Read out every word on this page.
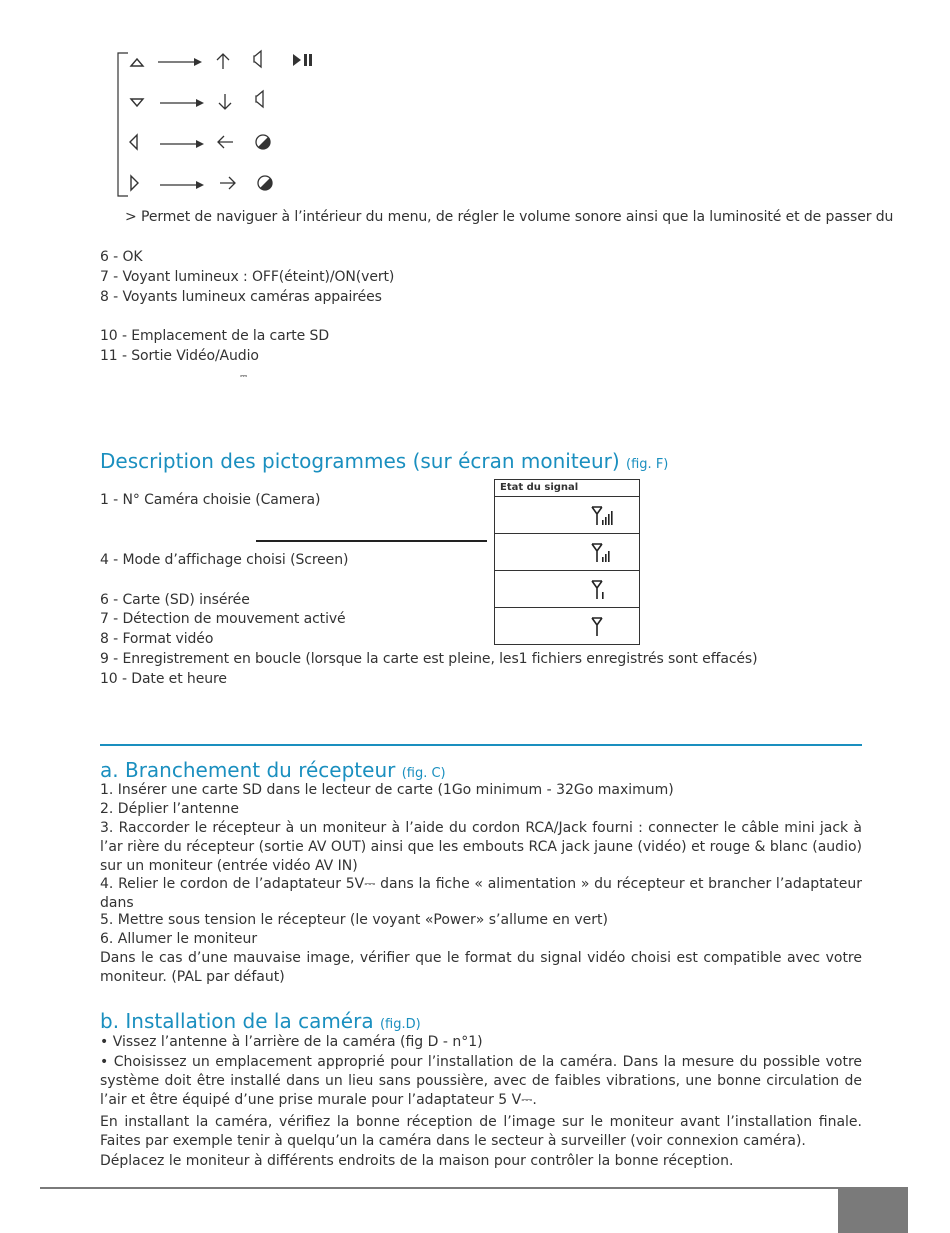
> Permet de naviguer à l’intérieur du menu, de régler le volume sonore ainsi que la luminosité et de passer du
6 - OK
7 - Voyant lumineux : OFF(éteint)/ON(vert)
8 - Voyants lumineux caméras appairées
10 - Emplacement de la carte SD
11 - Sortie Vidéo/Audio
⎓
Description des pictogrammes (sur écran moniteur) (fig. F)
1 - N° Caméra choisie (Camera)
4 - Mode d’affichage choisi (Screen)
6 - Carte (SD) insérée
7 - Détection de mouvement activé
8 - Format vidéo
9 - Enregistrement en boucle (lorsque la carte est pleine, les1 fichiers enregistrés sont effacés)
10 - Date et heure
Etat du signal
a. Branchement du récepteur (fig. C)
1. Insérer une carte SD dans le lecteur de carte (1Go minimum - 32Go maximum)
2. Déplier l’antenne
3. Raccorder le récepteur à un moniteur à l’aide du cordon RCA/Jack fourni : connecter le câble mini jack à l’ar rière du récepteur (sortie AV OUT) ainsi que les embouts RCA jack jaune (vidéo) et rouge & blanc (audio) sur un moniteur (entrée vidéo AV IN)
4. Relier le cordon de l’adaptateur 5V⎓ dans la fiche « alimentation » du récepteur et brancher l’adaptateur dans
5. Mettre sous tension le récepteur (le voyant «Power» s’allume en vert)
6. Allumer le moniteur
Dans le cas d’une mauvaise image, vérifier que le format du signal vidéo choisi est compatible avec votre moniteur. (PAL par défaut)
b. Installation de la caméra (fig.D)
• Vissez l’antenne à l’arrière de la caméra (fig D - n°1)
• Choisissez un emplacement approprié pour l’installation de la caméra. Dans la mesure du possible votre système doit être installé dans un lieu sans poussière, avec de faibles vibrations, une bonne circulation de l’air et être équipé d’une prise murale pour l’adaptateur 5 V⎓.
En installant la caméra, vérifiez la bonne réception de l’image sur le moniteur avant l’installation finale. Faites par exemple tenir à quelqu’un la caméra dans le secteur à surveiller (voir connexion caméra).
Déplacez le moniteur à différents endroits de la maison pour contrôler la bonne réception.
